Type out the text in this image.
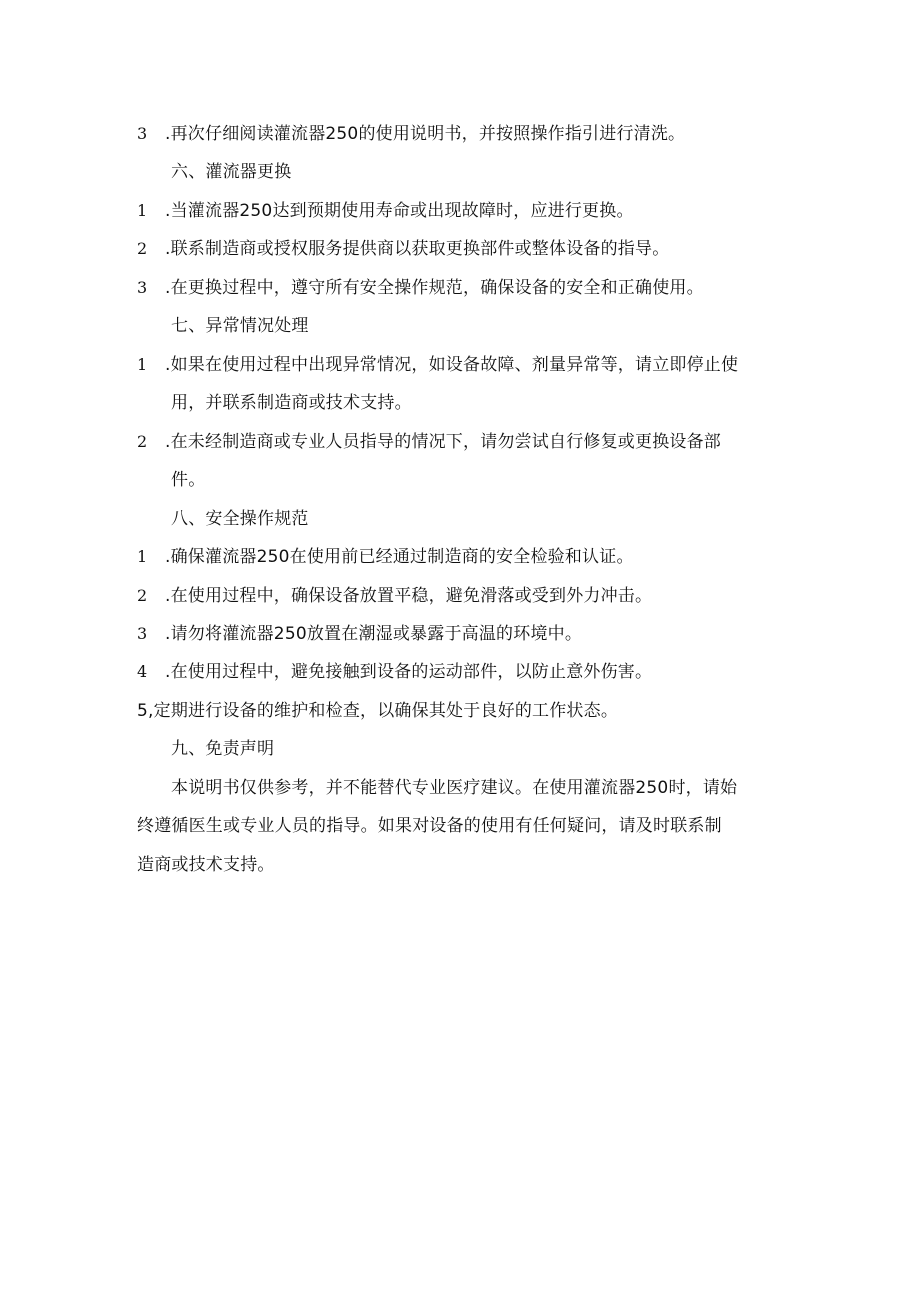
3 .再次仔细阅读灌流器250的使用说明书，并按照操作指引进行清洗。
六、灌流器更换
1 .当灌流器250达到预期使用寿命或出现故障时，应进行更换。
2 .联系制造商或授权服务提供商以获取更换部件或整体设备的指导。
3 .在更换过程中，遵守所有安全操作规范，确保设备的安全和正确使用。
七、异常情况处理
1 .如果在使用过程中出现异常情况，如设备故障、剂量异常等，请立即停止使
用，并联系制造商或技术支持。
2 .在未经制造商或专业人员指导的情况下，请勿尝试自行修复或更换设备部
件。
八、安全操作规范
1 .确保灌流器250在使用前已经通过制造商的安全检验和认证。
2 .在使用过程中，确保设备放置平稳，避免滑落或受到外力冲击。
3 .请勿将灌流器250放置在潮湿或暴露于高温的环境中。
4 .在使用过程中，避免接触到设备的运动部件，以防止意外伤害。
5,定期进行设备的维护和检查，以确保其处于良好的工作状态。
九、免责声明
本说明书仅供参考，并不能替代专业医疗建议。在使用灌流器250时，请始
终遵循医生或专业人员的指导。如果对设备的使用有任何疑问，请及时联系制
造商或技术支持。
